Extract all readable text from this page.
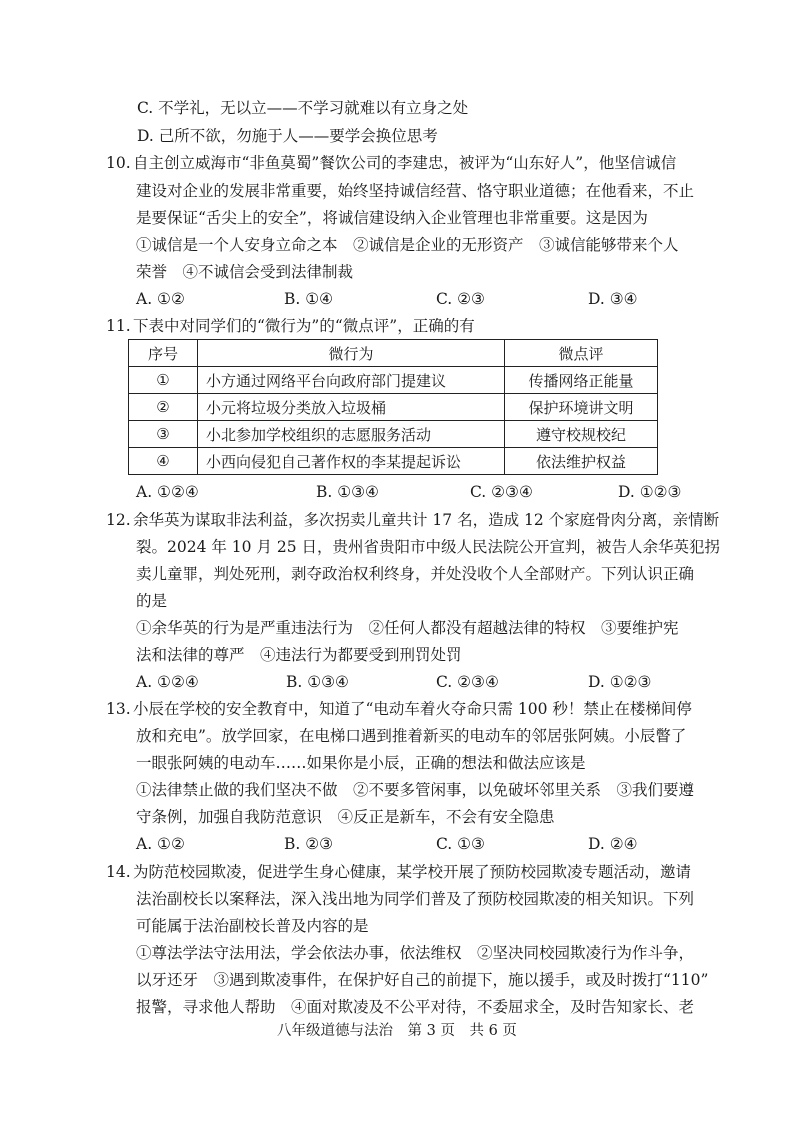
C. 不学礼，无以立——不学习就难以有立身之处
D. 己所不欲，勿施于人——要学会换位思考
10. 自主创立威海市“非鱼莫蜀”餐饮公司的李建忠，被评为“山东好人”，他坚信诚信
建设对企业的发展非常重要，始终坚持诚信经营、恪守职业道德；在他看来，不止
是要保证“舌尖上的安全”，将诚信建设纳入企业管理也非常重要。这是因为
①诚信是一个人安身立命之本　②诚信是企业的无形资产　③诚信能够带来个人
荣誉　④不诚信会受到法律制裁
A. ①②	B. ①④	C. ②③	D. ③④
11. 下表中对同学们的“微行为”的“微点评”，正确的有
序号	微行为	微点评
①	小方通过网络平台向政府部门提建议	传播网络正能量
②	小元将垃圾分类放入垃圾桶	保护环境讲文明
③	小北参加学校组织的志愿服务活动	遵守校规校纪
④	小西向侵犯自己著作权的李某提起诉讼	依法维护权益
A. ①②④	B. ①③④	C. ②③④	D. ①②③
12. 余华英为谋取非法利益，多次拐卖儿童共计 17 名，造成 12 个家庭骨肉分离，亲情断
裂。2024 年 10 月 25 日，贵州省贵阳市中级人民法院公开宣判，被告人余华英犯拐
卖儿童罪，判处死刑，剥夺政治权利终身，并处没收个人全部财产。下列认识正确
的是
①余华英的行为是严重违法行为　②任何人都没有超越法律的特权　③要维护宪
法和法律的尊严　④违法行为都要受到刑罚处罚
A. ①②④	B. ①③④	C. ②③④	D. ①②③
13. 小辰在学校的安全教育中，知道了“电动车着火夺命只需 100 秒！禁止在楼梯间停
放和充电”。放学回家，在电梯口遇到推着新买的电动车的邻居张阿姨。小辰瞥了
一眼张阿姨的电动车……如果你是小辰，正确的想法和做法应该是
①法律禁止做的我们坚决不做　②不要多管闲事，以免破坏邻里关系　③我们要遵
守条例，加强自我防范意识　④反正是新车，不会有安全隐患
A. ①②	B. ②③	C. ①③	D. ②④
14. 为防范校园欺凌，促进学生身心健康，某学校开展了预防校园欺凌专题活动，邀请
法治副校长以案释法，深入浅出地为同学们普及了预防校园欺凌的相关知识。下列
可能属于法治副校长普及内容的是
①尊法学法守法用法，学会依法办事，依法维权　②坚决同校园欺凌行为作斗争，
以牙还牙　③遇到欺凌事件，在保护好自己的前提下，施以援手，或及时拨打“110”
报警，寻求他人帮助　④面对欺凌及不公平对待，不委屈求全，及时告知家长、老
八年级道德与法治　第 3 页　共 6 页
